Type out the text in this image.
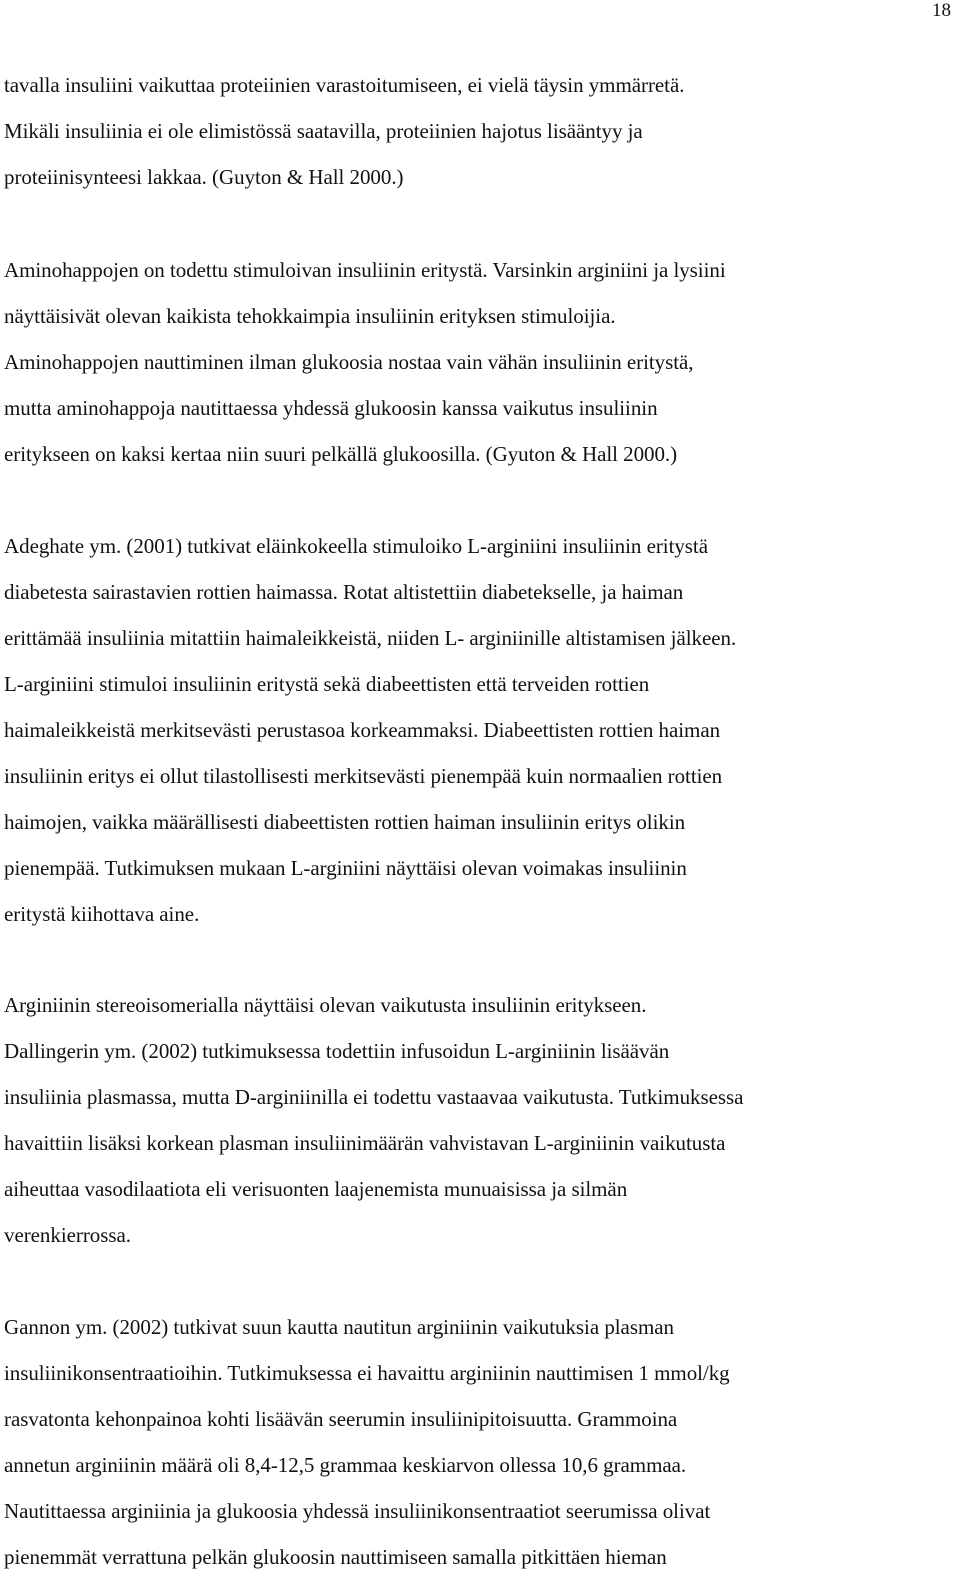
18
tavalla insuliini vaikuttaa proteiinien varastoitumiseen, ei vielä täysin ymmärretä.
Mikäli insuliinia ei ole elimistössä saatavilla, proteiinien hajotus lisääntyy ja
proteiinisynteesi lakkaa. (Guyton & Hall 2000.)
Aminohappojen on todettu stimuloivan insuliinin eritystä. Varsinkin arginiini ja lysiini
näyttäisivät olevan kaikista tehokkaimpia insuliinin erityksen stimuloijia.
Aminohappojen nauttiminen ilman glukoosia nostaa vain vähän insuliinin eritystä,
mutta aminohappoja nautittaessa yhdessä glukoosin kanssa vaikutus insuliinin
eritykseen on kaksi kertaa niin suuri pelkällä glukoosilla. (Gyuton & Hall 2000.)
Adeghate ym. (2001) tutkivat eläinkokeella stimuloiko L-arginiini insuliinin eritystä
diabetesta sairastavien rottien haimassa. Rotat altistettiin diabetekselle, ja haiman
erittämää insuliinia mitattiin haimaleikkeistä, niiden L- arginiinille altistamisen jälkeen.
L-arginiini stimuloi insuliinin eritystä sekä diabeettisten että terveiden rottien
haimaleikkeistä merkitsevästi perustasoa korkeammaksi. Diabeettisten rottien haiman
insuliinin eritys ei ollut tilastollisesti merkitsevästi pienempää kuin normaalien rottien
haimojen, vaikka määrällisesti diabeettisten rottien haiman insuliinin eritys olikin
pienempää. Tutkimuksen mukaan L-arginiini näyttäisi olevan voimakas insuliinin
eritystä kiihottava aine.
Arginiinin stereoisomerialla näyttäisi olevan vaikutusta insuliinin eritykseen.
Dallingerin ym. (2002) tutkimuksessa todettiin infusoidun L-arginiinin lisäävän
insuliinia plasmassa, mutta D-arginiinilla ei todettu vastaavaa vaikutusta. Tutkimuksessa
havaittiin lisäksi korkean plasman insuliinimäärän vahvistavan L-arginiinin vaikutusta
aiheuttaa vasodilaatiota eli verisuonten laajenemista munuaisissa ja silmän
verenkierrossa.
Gannon ym. (2002) tutkivat suun kautta nautitun arginiinin vaikutuksia plasman
insuliinikonsentraatioihin. Tutkimuksessa ei havaittu arginiinin nauttimisen 1 mmol/kg
rasvatonta kehonpainoa kohti lisäävän seerumin insuliinipitoisuutta. Grammoina
annetun arginiinin määrä oli 8,4-12,5 grammaa keskiarvon ollessa 10,6 grammaa.
Nautittaessa arginiinia ja glukoosia yhdessä insuliinikonsentraatiot seerumissa olivat
pienemmät verrattuna pelkän glukoosin nauttimiseen samalla pitkittäen hieman
